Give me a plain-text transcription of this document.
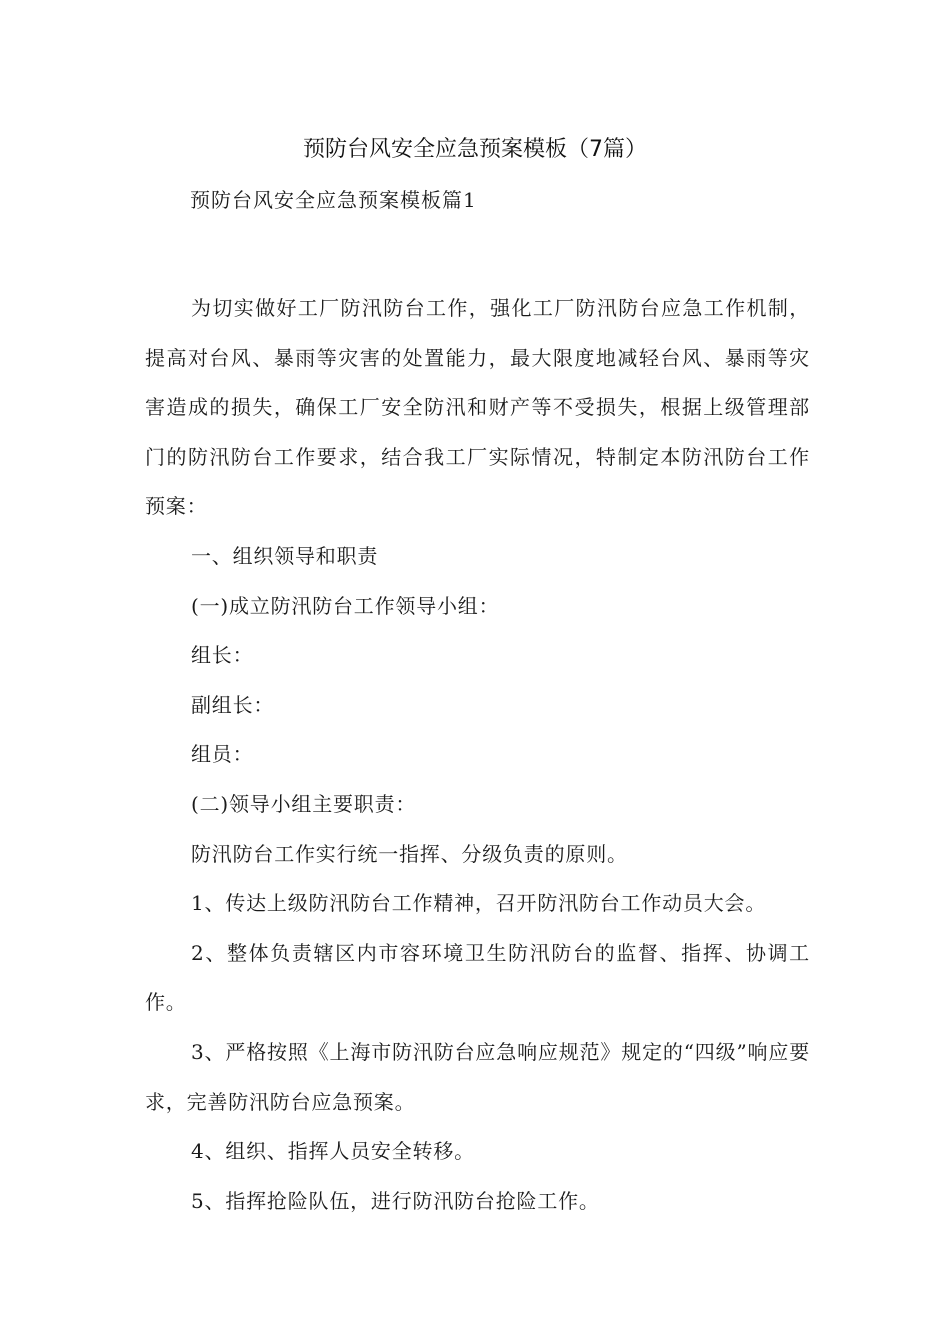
预防台风安全应急预案模板（7篇）
预防台风安全应急预案模板篇1

为切实做好工厂防汛防台工作，强化工厂防汛防台应急工作机制，提高对台风、暴雨等灾害的处置能力，最大限度地减轻台风、暴雨等灾害造成的损失，确保工厂安全防汛和财产等不受损失，根据上级管理部门的防汛防台工作要求，结合我工厂实际情况，特制定本防汛防台工作预案：

一、组织领导和职责

(一)成立防汛防台工作领导小组：

组长：

副组长：

组员：

(二)领导小组主要职责：

防汛防台工作实行统一指挥、分级负责的原则。

1、传达上级防汛防台工作精神，召开防汛防台工作动员大会。

2、整体负责辖区内市容环境卫生防汛防台的监督、指挥、协调工作。

3、严格按照《上海市防汛防台应急响应规范》规定的“四级”响应要求，完善防汛防台应急预案。

4、组织、指挥人员安全转移。

5、指挥抢险队伍，进行防汛防台抢险工作。
